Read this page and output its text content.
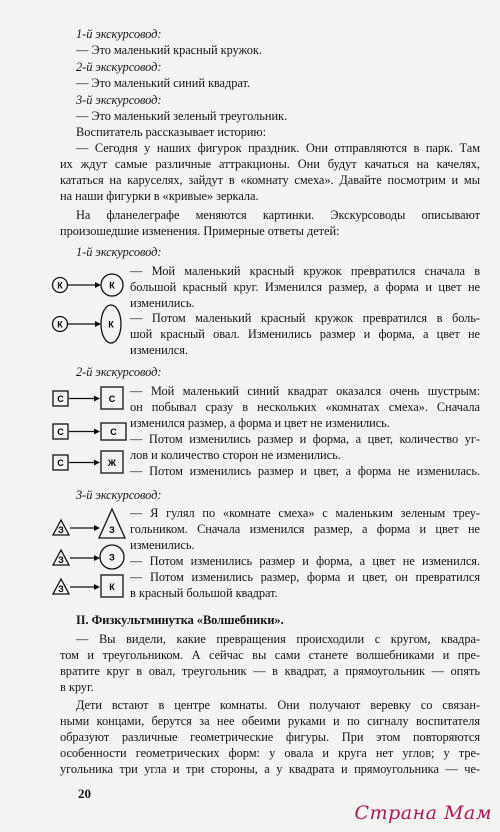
1-й экскурсовод:
— Это маленький красный кружок.
2-й экскурсовод:
— Это маленький синий квадрат.
3-й экскурсовод:
— Это маленький зеленый треугольник.
Воспитатель рассказывает историю:
— Сегодня у наших фигурок праздник. Они отправляются в парк. Там
их ждут самые различные аттракционы. Они будут качаться на качелях,
кататься на каруселях, зайдут в «комнату смеха». Давайте посмотрим и мы
на наши фигурки в «кривые» зеркала.
На фланелеграфе меняются картинки. Экскурсоводы описывают
произошедшие изменения. Примерные ответы детей:
1-й экскурсовод:
— Мой маленький красный кружок превратился сначала в
большой красный круг. Изменился размер, а форма и цвет не
изменились.
— Потом маленький красный кружок превратился в боль-
шой красный овал. Изменились размер и форма, а цвет не
изменился.
2-й экскурсовод:
— Мой маленький синий квадрат оказался очень шустрым:
он побывал сразу в нескольких «комнатах смеха». Сначала
изменился размер, а форма и цвет не изменились.
— Потом изменились размер и форма, а цвет, количество уг-
лов и количество сторон не изменились.
— Потом изменились размер и цвет, а форма не изменилась.
3-й экскурсовод:
— Я гулял по «комнате смеха» с маленьким зеленым треу-
гольником. Сначала изменился размер, а форма и цвет не
изменились.
— Потом изменились размер и форма, а цвет не изменился.
— Потом изменились размер, форма и цвет, он превратился
в красный большой квадрат.
II. Физкультминутка «Волшебники».
— Вы видели, какие превращения происходили с кругом, квадра-
том и треугольником. А сейчас вы сами станете волшебниками и пре-
вратите круг в овал, треугольник — в квадрат, а прямоугольник — опять
в круг.
Дети встают в центре комнаты. Они получают веревку со связан-
ными концами, берутся за нее обеими руками и по сигналу воспитателя
образуют различные геометрические фигуры. При этом повторяются
особенности геометрических форм: у овала и круга нет углов; у тре-
угольника три угла и три стороны, а у квадрата и прямоугольника — че-
К	К
К	К
С	С
С	С
С	Ж
З	З
З	З
З	К
20
Страна Мам
